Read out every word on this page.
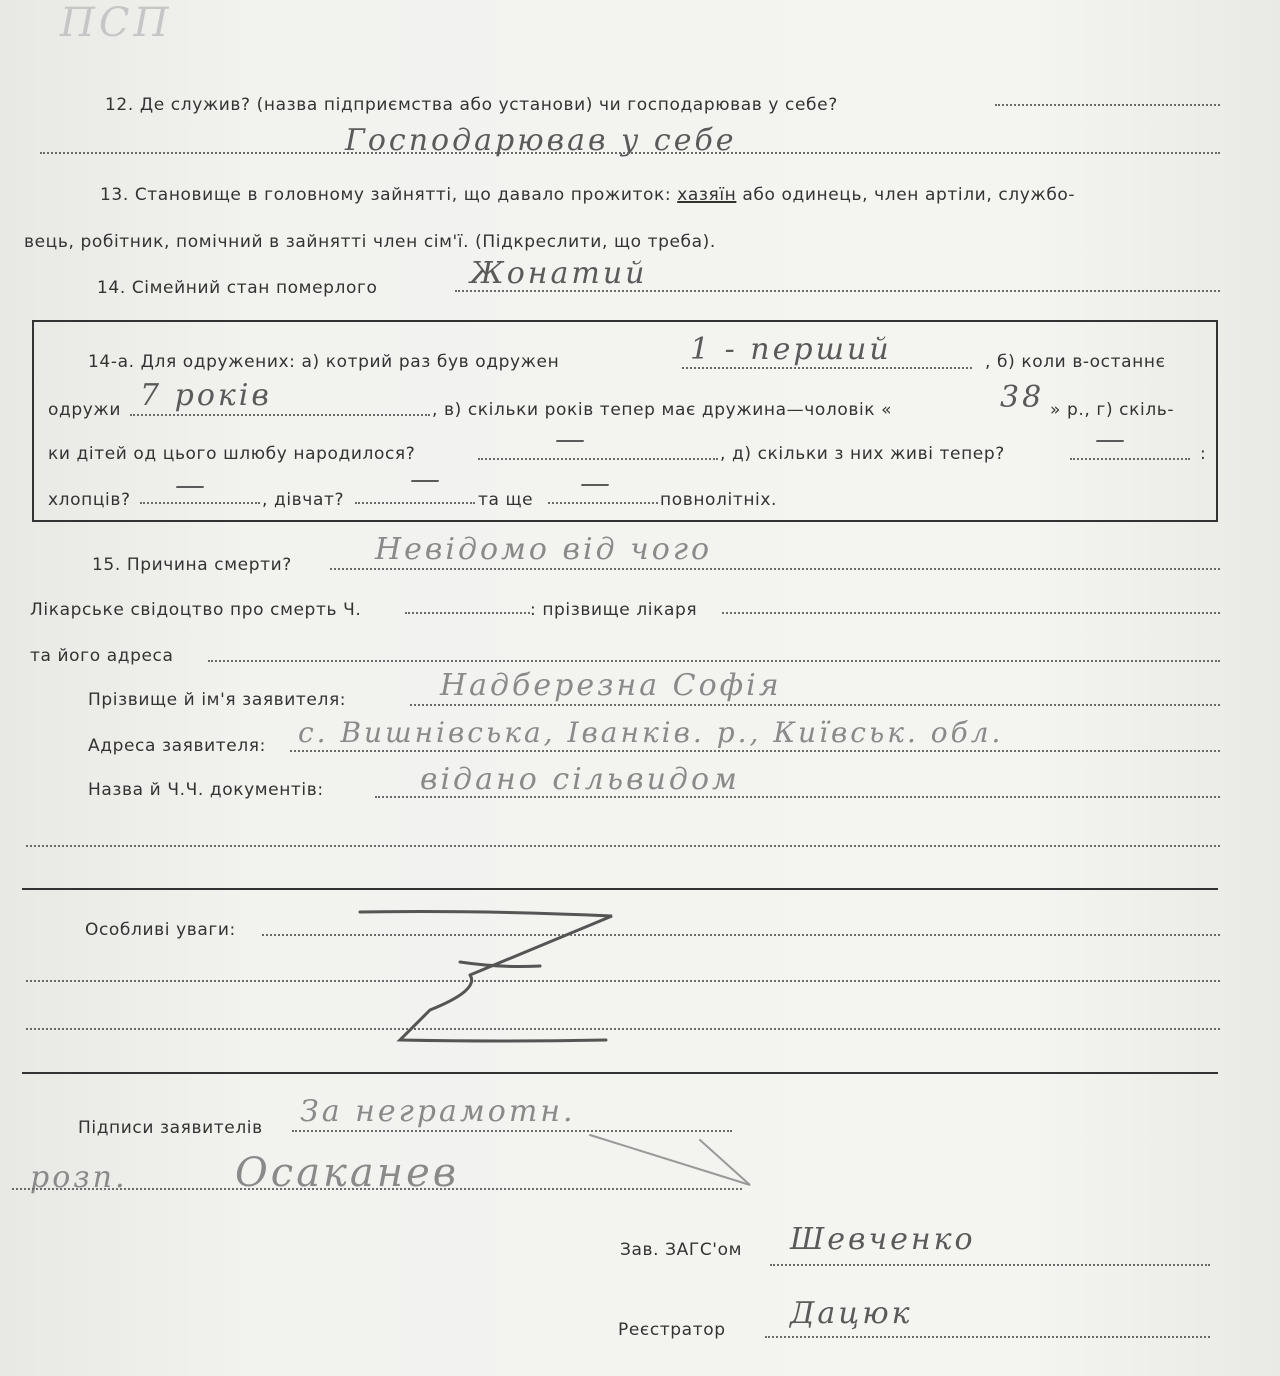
ПСП
12. Де служив? (назва підприємства або установи) чи господарював у себе?
Господарював у себе
13. Становище в головному зайнятті, що давало прожиток: хазяїн або одинець, член артіли, службо-
вець, робітник, помічний в зайнятті член сім'ї. (Підкреслити, що треба).
14. Сімейний стан померлого	Жонатий
14-а. Для одружених: а) котрий раз був одружен	1 - перший	, б) коли в-останнє
одружи 7 років	, в) скільки років тепер має дружина—чоловік «	38 » р., г) скіль-
ки дітей од цього шлюбу народилося?	—	, д) скільки з них живі тепер?	—	:
хлопців? —	, дівчат?
—
та ще —	повнолітніх.
15. Причина смерти?	Невідомо від чого
Лікарське свідоцтво про смерть Ч.	: прізвище лікаря
та його адреса
Прізвище й ім'я заявителя:	Надберезна Софія
Адреса заявителя: с. Вишнівська, Іванків. р., Київськ. обл.
Назва й Ч.Ч. документів:	відано сільвидом
Особливі уваги:
Підписи заявителів За неграмотн.
розп.	Осаканев
Зав. ЗАГС'ом Шевченко
Реєстратор Дацюк
